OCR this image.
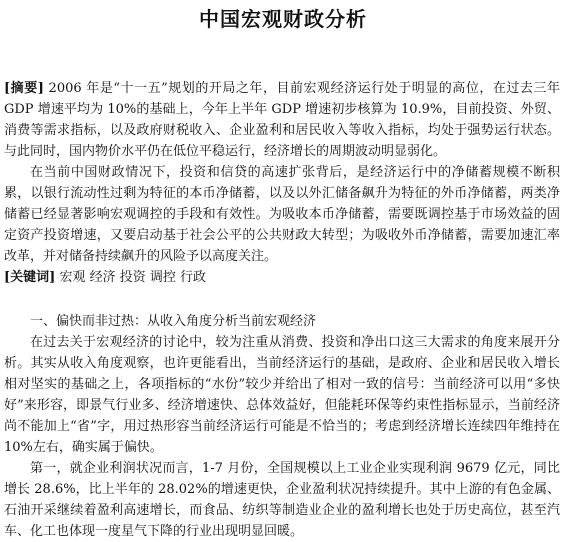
中国宏观财政分析

[摘要] 2006 年是“十一五”规划的开局之年，目前宏观经济运行处于明显的高位，在过去三年 GDP 增速平均为 10%的基础上，今年上半年 GDP 增速初步核算为 10.9%，目前投资、外贸、消费等需求指标，以及政府财税收入、企业盈利和居民收入等收入指标，均处于强势运行状态。与此同时，国内物价水平仍在低位平稳运行，经济增长的周期波动明显弱化。

在当前中国财政情况下，投资和信贷的高速扩张背后，是经济运行中的净储蓄规模不断积累，以银行流动性过剩为特征的本币净储蓄，以及以外汇储备飙升为特征的外币净储蓄，两类净储蓄已经显著影响宏观调控的手段和有效性。为吸收本币净储蓄，需要既调控基于市场效益的固定资产投资增速，又要启动基于社会公平的公共财政大转型；为吸收外币净储蓄，需要加速汇率改革，并对储备持续飙升的风险予以高度关注。

[关键词] 宏观 经济 投资 调控 行政

一、偏快而非过热：从收入角度分析当前宏观经济

在过去关于宏观经济的讨论中，较为注重从消费、投资和净出口这三大需求的角度来展开分析。其实从收入角度观察，也许更能看出，当前经济运行的基础，是政府、企业和居民收入增长相对坚实的基础之上，各项指标的“水份”较少并给出了相对一致的信号：当前经济可以用“多快好”来形容，即景气行业多、经济增速快、总体效益好，但能耗环保等约束性指标显示，当前经济尚不能加上“省”字，用过热形容当前经济运行可能是不恰当的；考虑到经济增长连续四年维持在 10%左右，确实属于偏快。

第一，就企业利润状况而言，1-7 月份，全国规模以上工业企业实现利润 9679 亿元，同比增长 28.6%，比上半年的 28.02%的增速更快，企业盈利状况持续提升。其中上游的有色金属、石油开采继续着盈利高速增长，而食品、纺织等制造业企业的盈利增长也处于历史高位，甚至汽车、化工也体现一度星气下降的行业出现明显回暖。
